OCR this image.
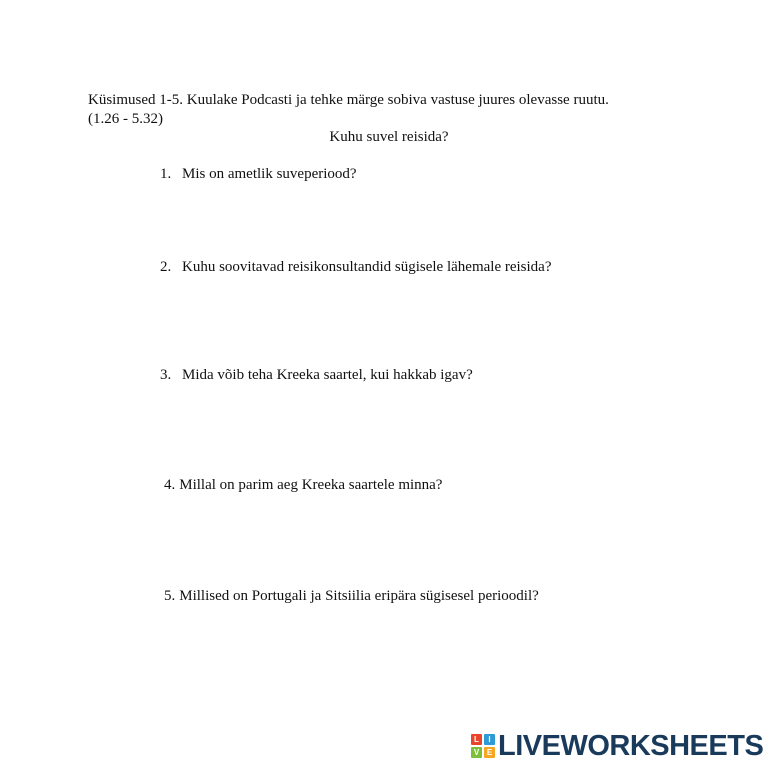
Küsimused 1-5. Kuulake Podcasti ja tehke märge sobiva vastuse juures olevasse ruutu.
(1.26 - 5.32)

Kuhu suvel reisida?
1. Mis on ametlik suveperiood?
2. Kuhu soovitavad reisikonsultandid sügisele lähemale reisida?
3. Mida võib teha Kreeka saartel, kui hakkab igav?
4. Millal on parim aeg Kreeka saartele minna?
5. Millised on Portugali ja Sitsiilia eripära sügisesel perioodil?
L	I
V E LIVEWORKSHEETS
